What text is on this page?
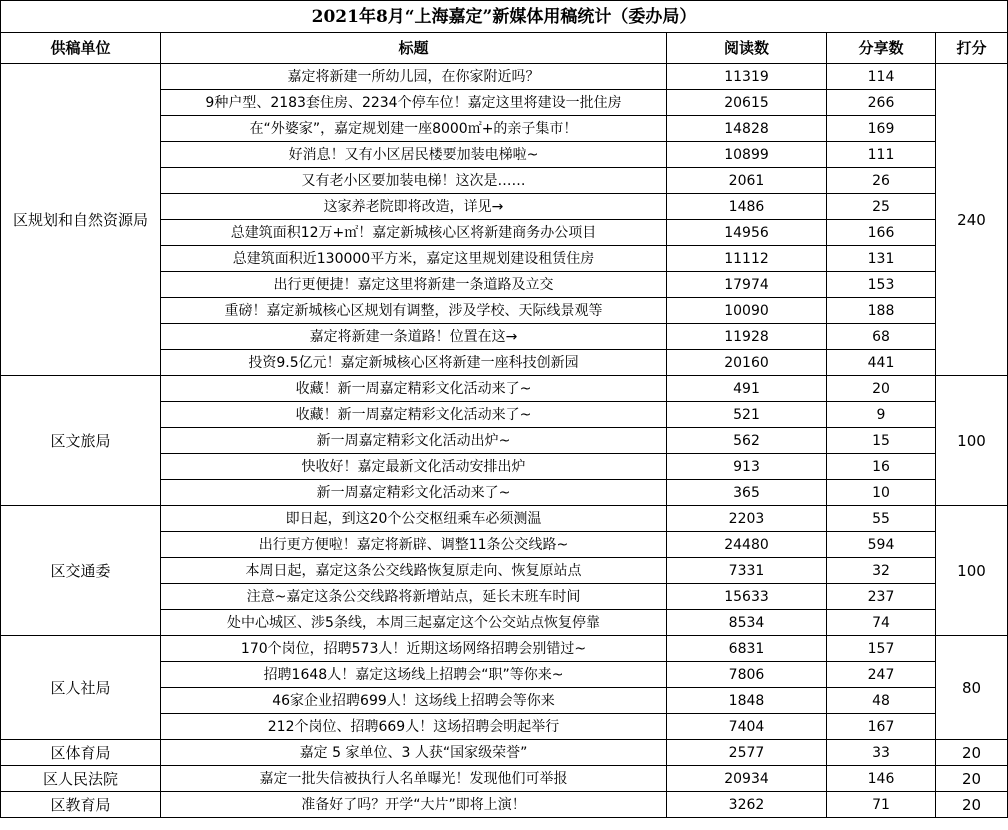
2021年8月“上海嘉定”新媒体用稿统计（委办局）				
供稿单位	标题	阅读数	分享数	打分
区规划和自然资源局	嘉定将新建一所幼儿园，在你家附近吗？	11319	114	240
	9种户型、2183套住房、2234个停车位！嘉定这里将建设一批住房	20615	266	
	在“外婆家”，嘉定规划建一座8000㎡+的亲子集市！	14828	169	
	好消息！又有小区居民楼要加装电梯啦~	10899	111	
	又有老小区要加装电梯！这次是……	2061	26	
	这家养老院即将改造，详见→	1486	25	
	总建筑面积12万+㎡！嘉定新城核心区将新建商务办公项目	14956	166	
	总建筑面积近130000平方米，嘉定这里规划建设租赁住房	11112	131	
	出行更便捷！嘉定这里将新建一条道路及立交	17974	153	
	重磅！嘉定新城核心区规划有调整，涉及学校、天际线景观等	10090	188	
	嘉定将新建一条道路！位置在这→	11928	68	
	投资9.5亿元！嘉定新城核心区将新建一座科技创新园	20160	441	
区文旅局	收藏！新一周嘉定精彩文化活动来了~	491	20	100
	收藏！新一周嘉定精彩文化活动来了~	521	9	
	新一周嘉定精彩文化活动出炉~	562	15	
	快收好！嘉定最新文化活动安排出炉	913	16	
	新一周嘉定精彩文化活动来了~	365	10	
区交通委	即日起，到这20个公交枢纽乘车必须测温	2203	55	100
	出行更方便啦！嘉定将新辟、调整11条公交线路~	24480	594	
	本周日起，嘉定这条公交线路恢复原走向、恢复原站点	7331	32	
	注意~嘉定这条公交线路将新增站点，延长末班车时间	15633	237	
	处中心城区、涉5条线，本周三起嘉定这个公交站点恢复停靠	8534	74	
区人社局	170个岗位，招聘573人！近期这场网络招聘会别错过~	6831	157	80
	招聘1648人！嘉定这场线上招聘会“职”等你来~	7806	247	
	46家企业招聘699人！这场线上招聘会等你来	1848	48	
	212个岗位、招聘669人！这场招聘会明起举行	7404	167	
区体育局	嘉定 5 家单位、3 人获“国家级荣誉”	2577	33	20
区人民法院	嘉定一批失信被执行人名单曝光！发现他们可举报	20934	146	20
区教育局	准备好了吗？开学“大片”即将上演！	3262	71	20
